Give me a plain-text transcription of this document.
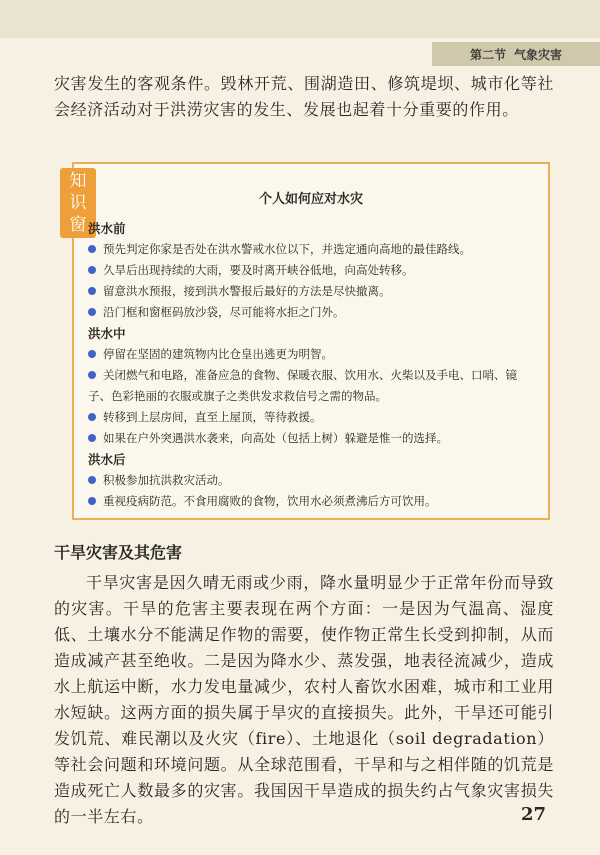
第二节 气象灾害
灾害发生的客观条件。毁林开荒、围湖造田、修筑堤坝、城市化等社会经济活动对于洪涝灾害的发生、发展也起着十分重要的作用。
知
识
窗
个人如何应对水灾
洪水前
预先判定你家是否处在洪水警戒水位以下，并选定通向高地的最佳路线。
久旱后出现持续的大雨，要及时离开峡谷低地，向高处转移。
留意洪水预报，接到洪水警报后最好的方法是尽快撤离。
沿门框和窗框码放沙袋，尽可能将水拒之门外。
洪水中
停留在坚固的建筑物内比仓皇出逃更为明智。
关闭燃气和电路，准备应急的食物、保暖衣服、饮用水、火柴以及手电、口哨、镜子、色彩艳丽的衣服或旗子之类供发求救信号之需的物品。
转移到上层房间，直至上屋顶，等待救援。
如果在户外突遇洪水袭来，向高处（包括上树）躲避是惟一的选择。
洪水后
积极参加抗洪救灾活动。
重视疫病防范。不食用腐败的食物，饮用水必须煮沸后方可饮用。
干旱灾害及其危害
干旱灾害是因久晴无雨或少雨，降水量明显少于正常年份而导致的灾害。干旱的危害主要表现在两个方面：一是因为气温高、湿度低、土壤水分不能满足作物的需要，使作物正常生长受到抑制，从而造成减产甚至绝收。二是因为降水少、蒸发强，地表径流减少，造成水上航运中断，水力发电量减少，农村人畜饮水困难，城市和工业用水短缺。这两方面的损失属于旱灾的直接损失。此外，干旱还可能引发饥荒、难民潮以及火灾（fire）、土地退化（soil degradation）等社会问题和环境问题。从全球范围看，干旱和与之相伴随的饥荒是造成死亡人数最多的灾害。我国因干旱造成的损失约占气象灾害损失的一半左右。	27
